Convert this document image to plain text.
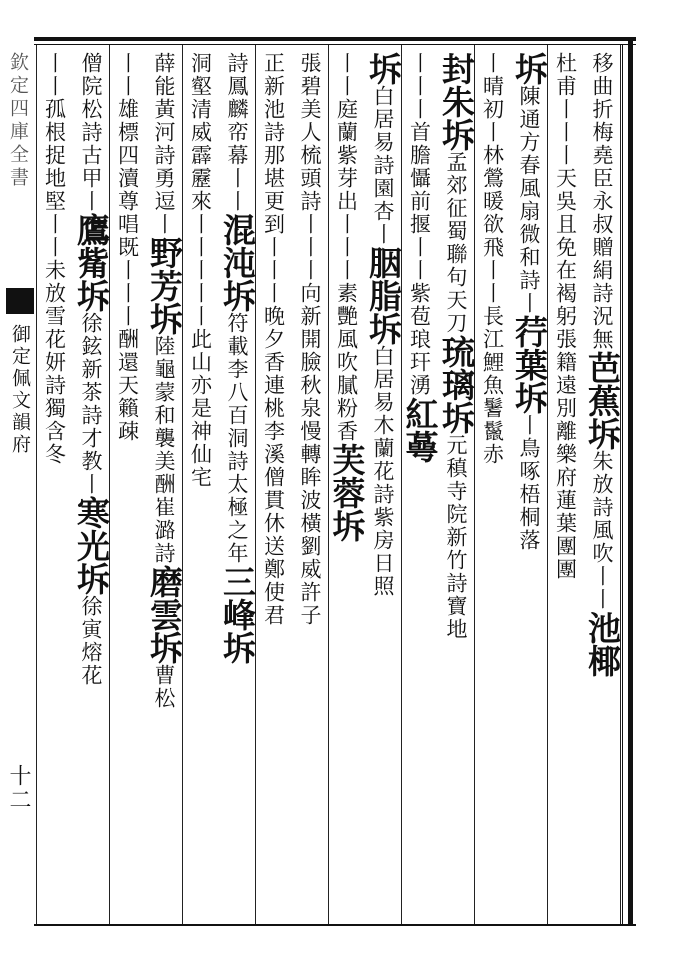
欽定四庫全書
御定佩文韻府
十二
移曲折梅堯臣永叔贈絹詩況無芭蕉坼朱放詩風吹丨丨池椰
杜甫丨丨丨天吳且免在褐躬張籍遠別離樂府蓮葉團團
坼陳通方春風扇微和詩丨荇葉坼丨鳥啄梧桐落
丨晴初丨林鶯暖欲飛丨丨長江鯉魚鬐鬣赤
封朱坼孟郊征蜀聯句天刀琉璃坼元稹寺院新竹詩寶地
丨丨丨首膽懾前揠丨丨紫苞琅玕湧紅蕚
坼白居易詩園杏丨胭脂坼白居易木蘭花詩紫房日照
丨丨庭蘭紫芽出丨丨丨素艷風吹膩粉香芙蓉坼
張碧美人梳頭詩丨丨丨向新開臉秋泉慢轉眸波橫劉威許子
正新池詩那堪更到丨丨丨晚夕香連桃李溪僧貫休送鄭使君
詩鳳麟帟幕丨丨混沌坼符載李八百洞詩太極之年三峰坼
洞壑清威霹靂來丨丨丨丨丨此山亦是神仙宅
薛能黃河詩勇逗丨野芳坼陸龜蒙和襲美酬崔潞詩磨雲坼曹松
丨丨雄標四瀆尊唱既丨丨丨酬還天籟疎
僧院松詩古甲丨鷹觜坼徐鉉新茶詩才教丨寒光坼徐寅熔花
丨丨孤根捉地堅丨丨未放雪花妍詩獨含冬
